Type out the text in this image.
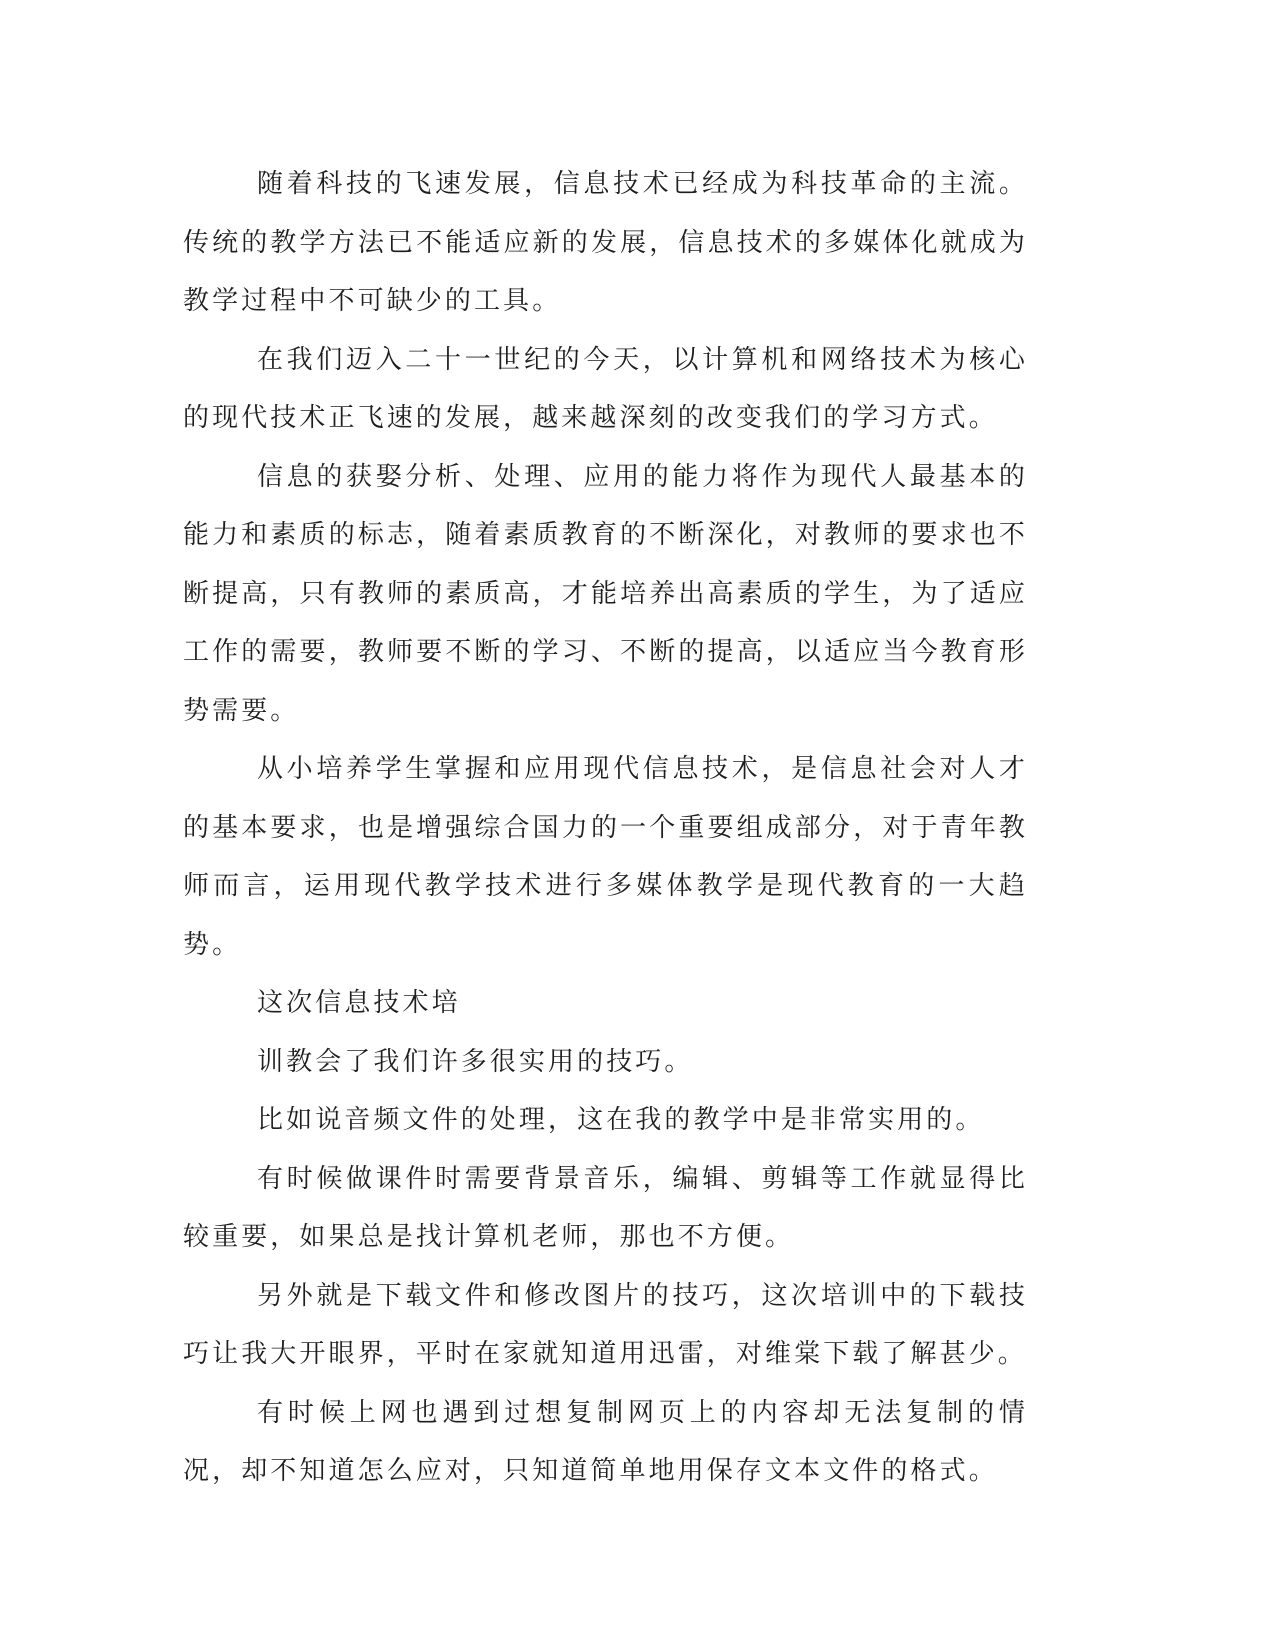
随着科技的飞速发展，信息技术已经成为科技革命的主流。传统的教学方法已不能适应新的发展，信息技术的多媒体化就成为教学过程中不可缺少的工具。

在我们迈入二十一世纪的今天，以计算机和网络技术为核心的现代技术正飞速的发展，越来越深刻的改变我们的学习方式。

信息的获娶分析、处理、应用的能力将作为现代人最基本的能力和素质的标志，随着素质教育的不断深化，对教师的要求也不断提高，只有教师的素质高，才能培养出高素质的学生，为了适应工作的需要，教师要不断的学习、不断的提高，以适应当今教育形势需要。

从小培养学生掌握和应用现代信息技术，是信息社会对人才的基本要求，也是增强综合国力的一个重要组成部分，对于青年教师而言，运用现代教学技术进行多媒体教学是现代教育的一大趋势。

这次信息技术培

训教会了我们许多很实用的技巧。

比如说音频文件的处理，这在我的教学中是非常实用的。

有时候做课件时需要背景音乐，编辑、剪辑等工作就显得比较重要，如果总是找计算机老师，那也不方便。

另外就是下载文件和修改图片的技巧，这次培训中的下载技巧让我大开眼界，平时在家就知道用迅雷，对维棠下载了解甚少。

有时候上网也遇到过想复制网页上的内容却无法复制的情况，却不知道怎么应对，只知道简单地用保存文本文件的格式。
